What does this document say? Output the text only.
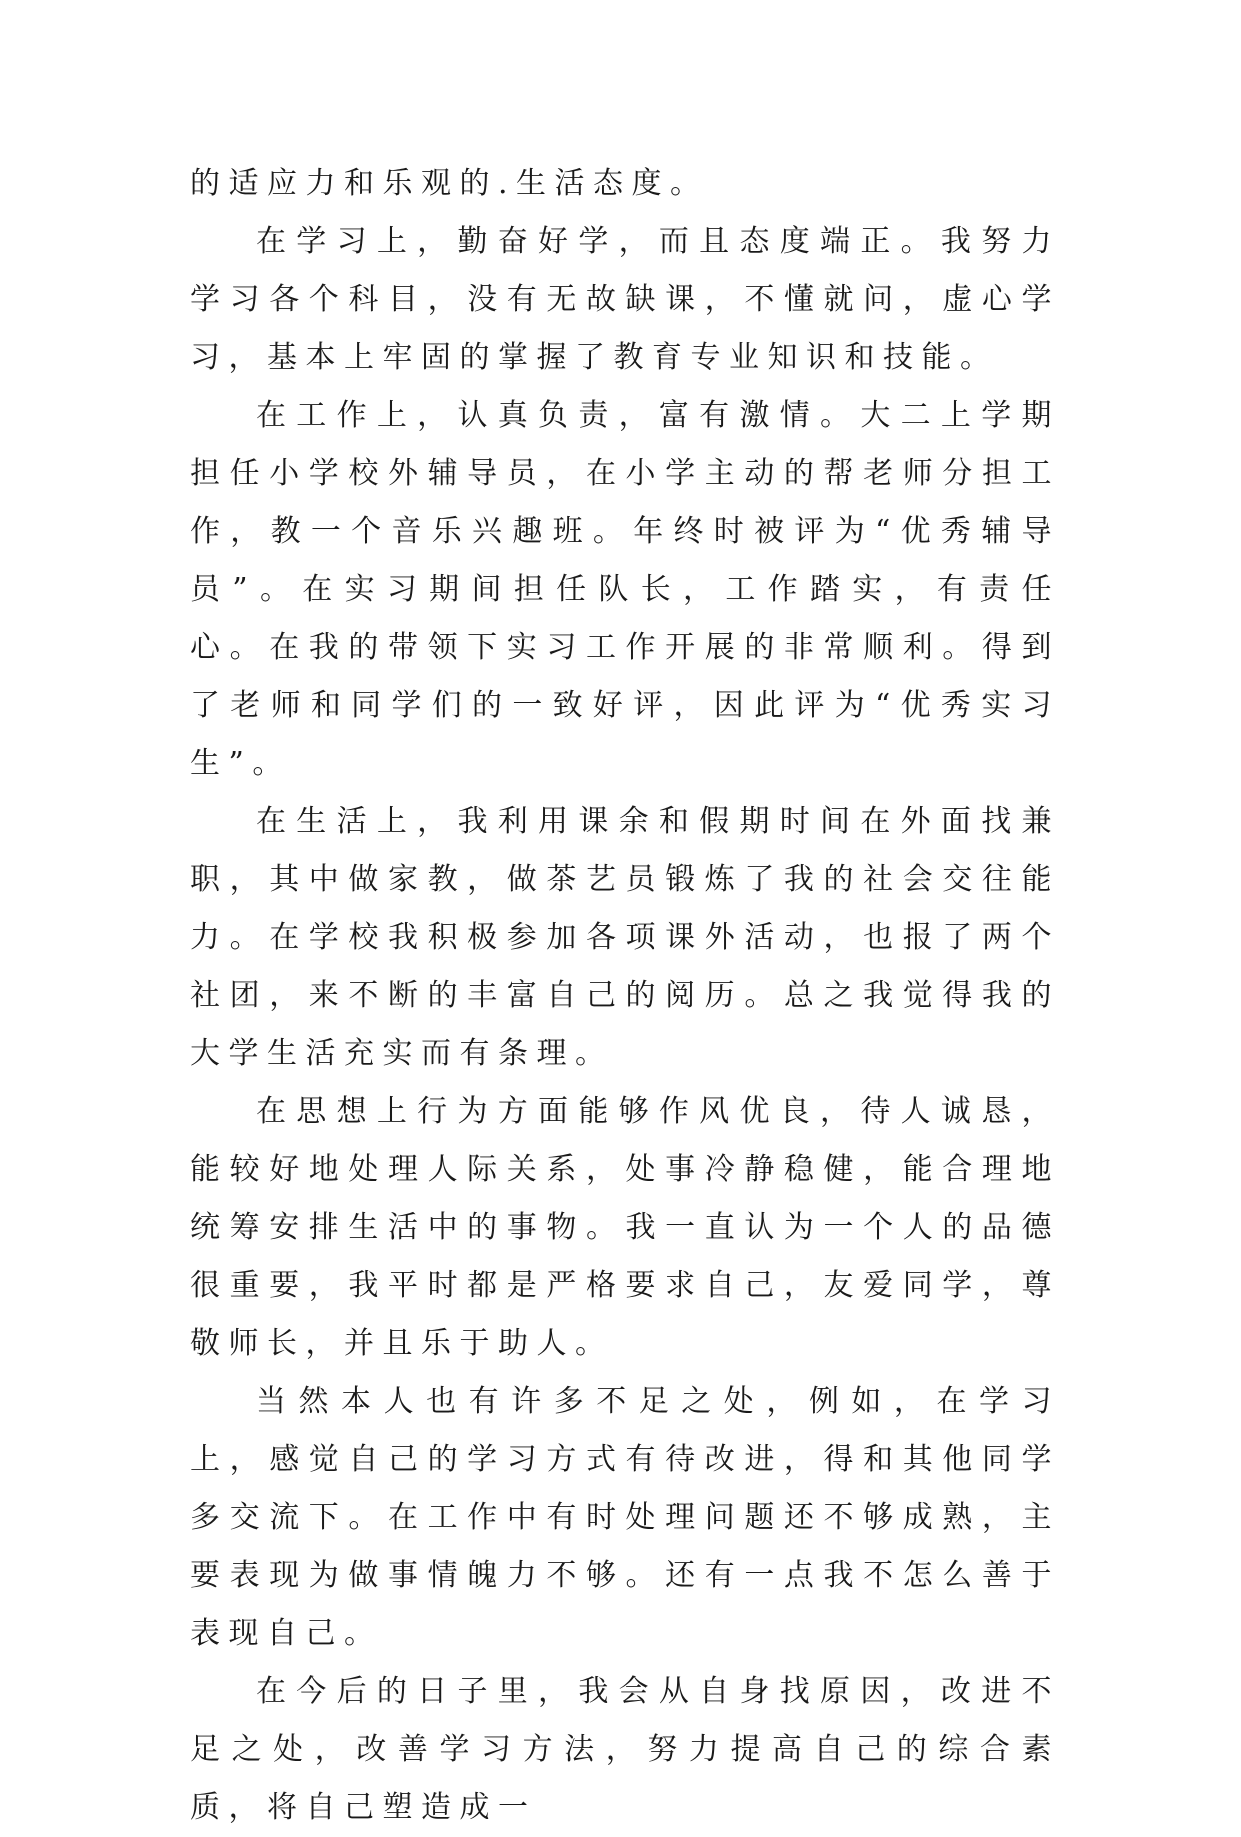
的适应力和乐观的.生活态度。

在学习上，勤奋好学，而且态度端正。我努力学习各个科目，没有无故缺课，不懂就问，虚心学习，基本上牢固的掌握了教育专业知识和技能。

在工作上，认真负责，富有激情。大二上学期担任小学校外辅导员，在小学主动的帮老师分担工作，教一个音乐兴趣班。年终时被评为“优秀辅导员”。在实习期间担任队长，工作踏实，有责任心。在我的带领下实习工作开展的非常顺利。得到了老师和同学们的一致好评，因此评为“优秀实习生”。

在生活上，我利用课余和假期时间在外面找兼职，其中做家教，做茶艺员锻炼了我的社会交往能力。在学校我积极参加各项课外活动，也报了两个社团，来不断的丰富自己的阅历。总之我觉得我的大学生活充实而有条理。

在思想上行为方面能够作风优良，待人诚恳，能较好地处理人际关系，处事冷静稳健，能合理地统筹安排生活中的事物。我一直认为一个人的品德很重要，我平时都是严格要求自己，友爱同学，尊敬师长，并且乐于助人。

当然本人也有许多不足之处，例如，在学习上，感觉自己的学习方式有待改进，得和其他同学多交流下。在工作中有时处理问题还不够成熟，主要表现为做事情魄力不够。还有一点我不怎么善于表现自己。

在今后的日子里，我会从自身找原因，改进不足之处，改善学习方法，努力提高自己的综合素质，将自己塑造成一
